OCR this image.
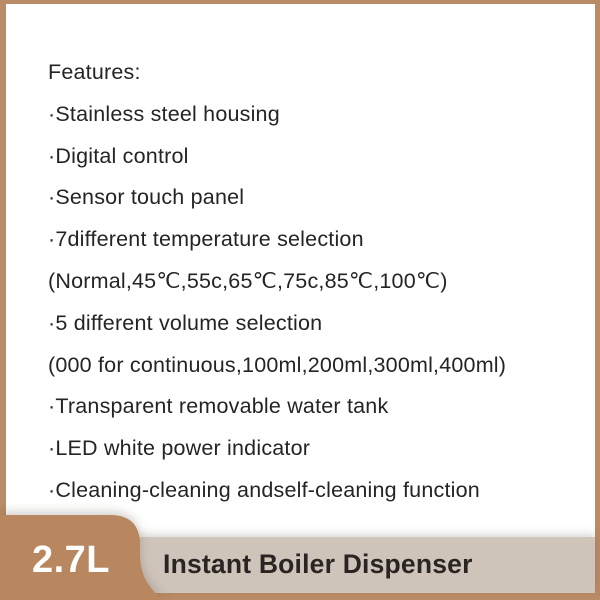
Features:
·Stainless steel housing
·Digital control
·Sensor touch panel
·7different temperature selection
(Normal,45℃,55c,65℃,75c,85℃,100℃)
·5 different volume selection
(000 for continuous,100ml,200ml,300ml,400ml)
·Transparent removable water tank
·LED white power indicator
·Cleaning-cleaning andself-cleaning function
Instant Boiler Dispenser
2.7L
